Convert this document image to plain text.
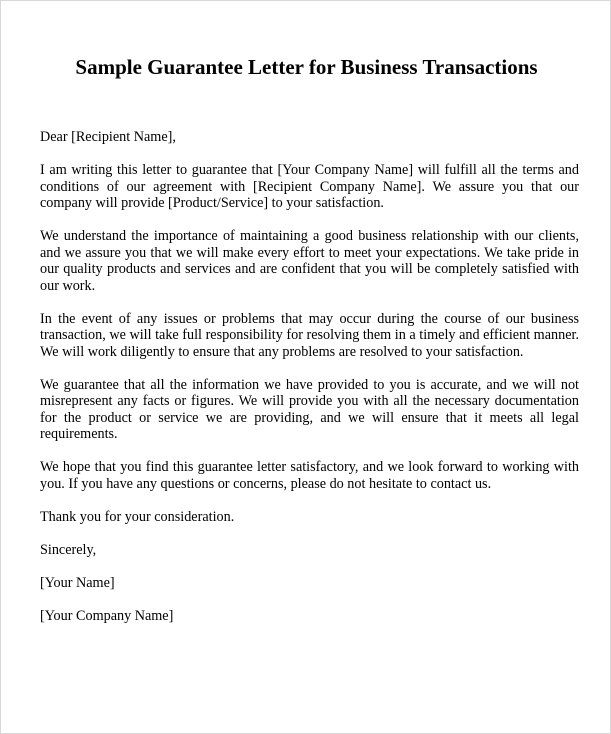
Sample Guarantee Letter for Business Transactions

Dear [Recipient Name],

I am writing this letter to guarantee that [Your Company Name] will fulfill all the terms and conditions of our agreement with [Recipient Company Name]. We assure you that our company will provide [Product/Service] to your satisfaction.

We understand the importance of maintaining a good business relationship with our clients, and we assure you that we will make every effort to meet your expectations. We take pride in our quality products and services and are confident that you will be completely satisfied with our work.

In the event of any issues or problems that may occur during the course of our business transaction, we will take full responsibility for resolving them in a timely and efficient manner. We will work diligently to ensure that any problems are resolved to your satisfaction.

We guarantee that all the information we have provided to you is accurate, and we will not misrepresent any facts or figures. We will provide you with all the necessary documentation for the product or service we are providing, and we will ensure that it meets all legal requirements.

We hope that you find this guarantee letter satisfactory, and we look forward to working with you. If you have any questions or concerns, please do not hesitate to contact us.

Thank you for your consideration.

Sincerely,

[Your Name]

[Your Company Name]
